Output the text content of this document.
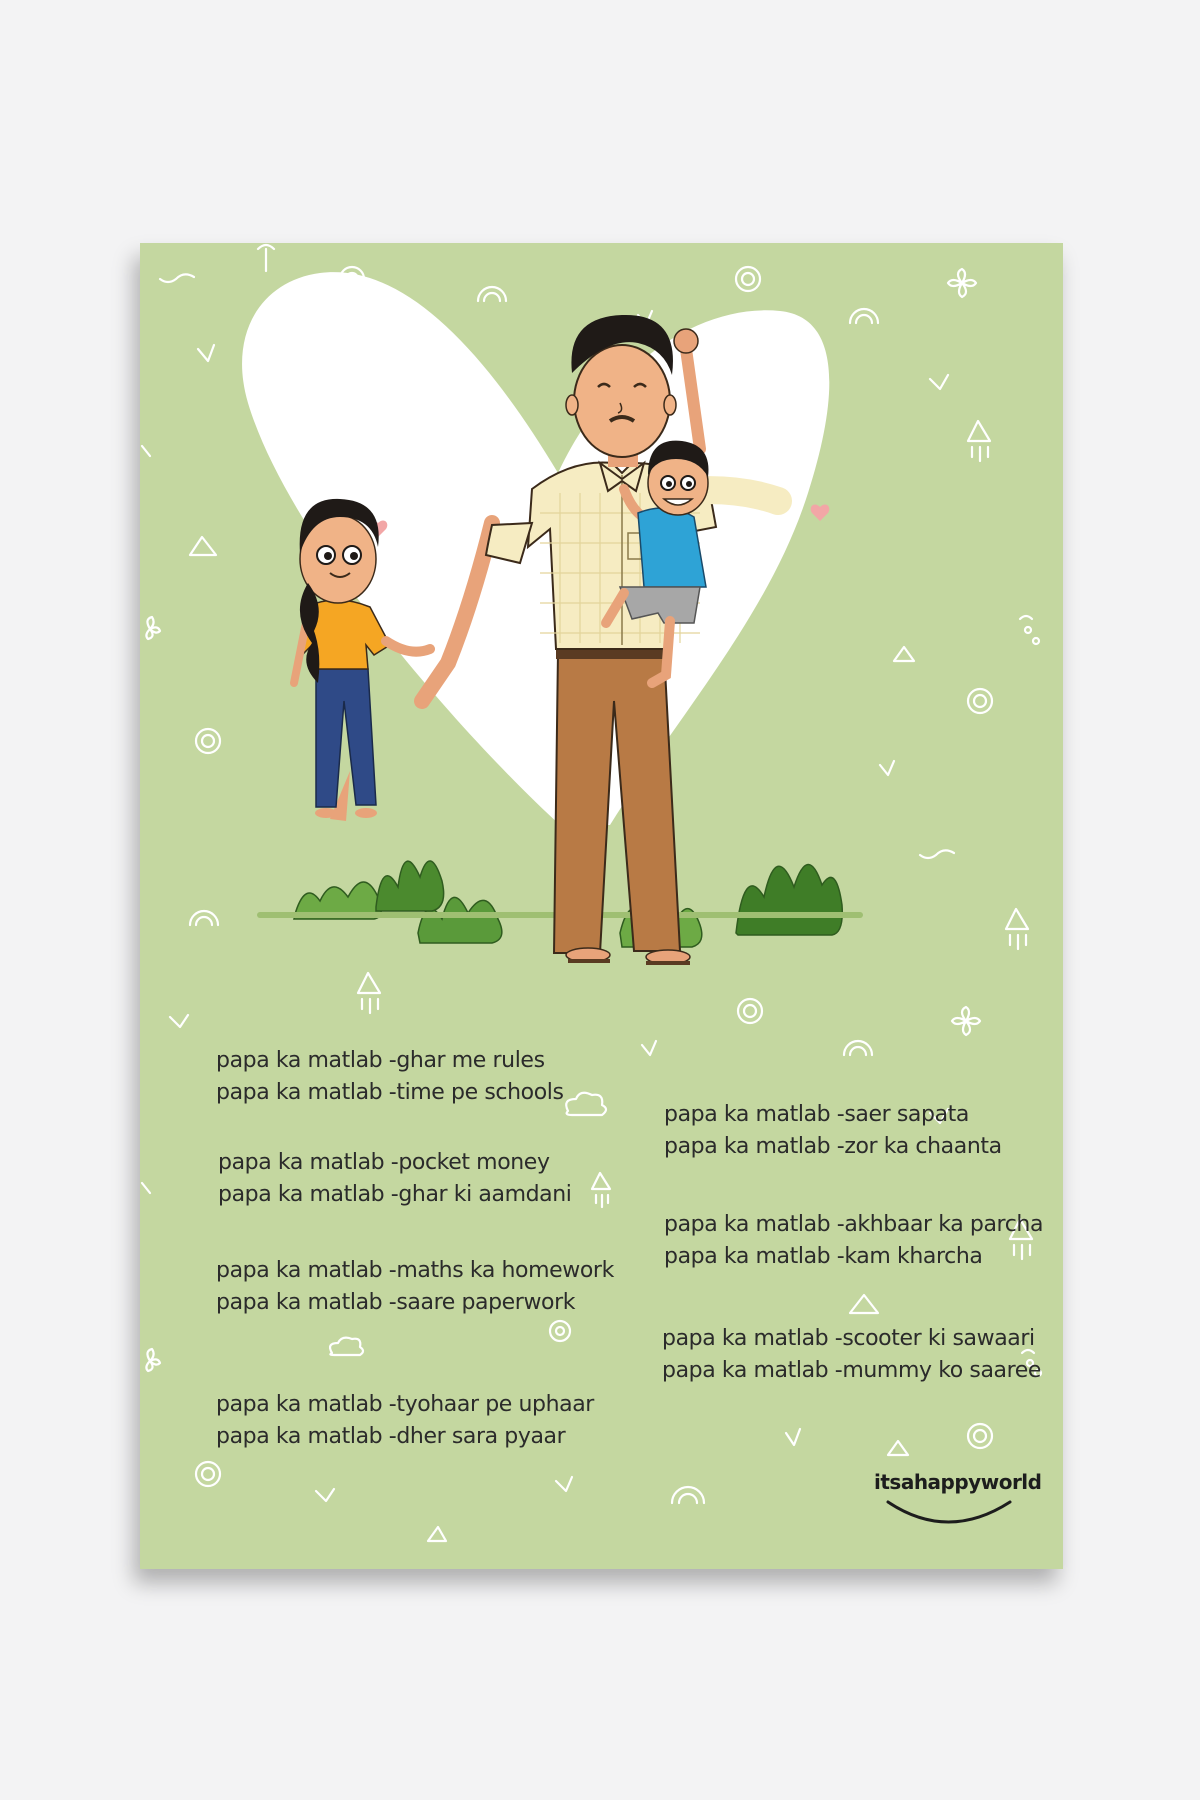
papa ka matlab -ghar me rules
papa ka matlab -time pe schools
papa ka matlab -pocket money
papa ka matlab -ghar ki aamdani
papa ka matlab -maths ka homework
papa ka matlab -saare paperwork
papa ka matlab -tyohaar pe uphaar
papa ka matlab -dher sara pyaar
papa ka matlab -saer sapata
papa ka matlab -zor ka chaanta
papa ka matlab -akhbaar ka parcha
papa ka matlab -kam kharcha
papa ka matlab -scooter ki sawaari
papa ka matlab -mummy ko saaree
itsahappyworld
